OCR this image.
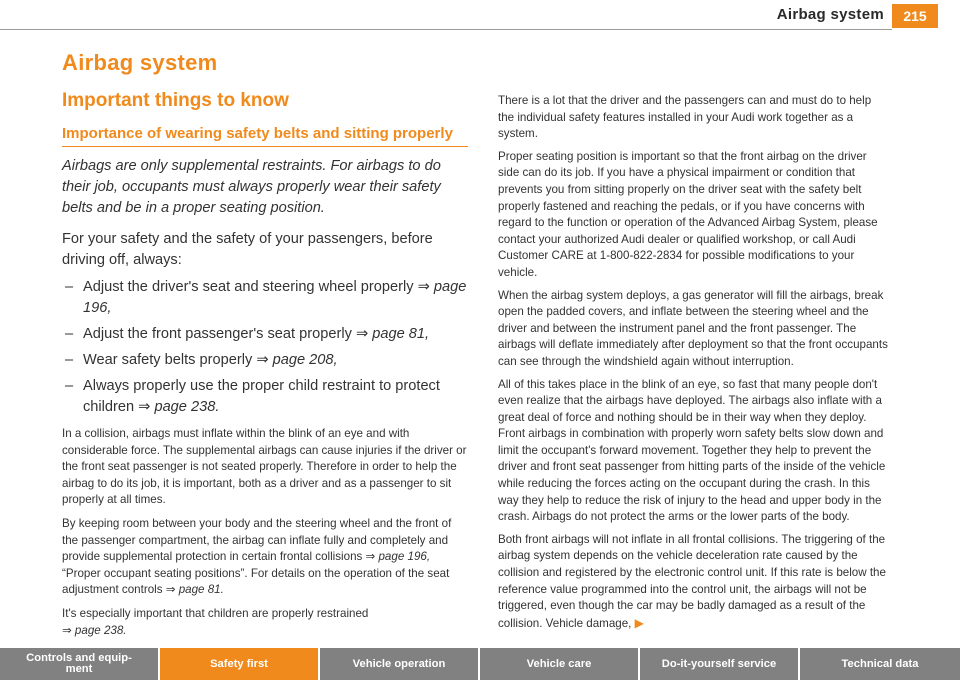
Airbag system	215
Airbag system
Important things to know
Importance of wearing safety belts and sitting properly

Airbags are only supplemental restraints. For airbags to do their job, occupants must always properly wear their safety belts and be in a proper seating position.

For your safety and the safety of your passengers, before driving off, always:

– Adjust the driver's seat and steering wheel properly ⇒ page 196,
– Adjust the front passenger's seat properly ⇒ page 81,
– Wear safety belts properly ⇒ page 208,
– Always properly use the proper child restraint to protect children ⇒ page 238.

In a collision, airbags must inflate within the blink of an eye and with considerable force. The supplemental airbags can cause injuries if the driver or the front seat passenger is not seated properly. Therefore in order to help the airbag to do its job, it is important, both as a driver and as a passenger to sit properly at all times.

By keeping room between your body and the steering wheel and the front of the passenger compartment, the airbag can inflate fully and completely and provide supplemental protection in certain frontal collisions ⇒ page 196, “Proper occupant seating positions”. For details on the operation of the seat adjustment controls ⇒ page 81.

It's especially important that children are properly restrained
⇒ page 238.

There is a lot that the driver and the passengers can and must do to help the individual safety features installed in your Audi work together as a system.

Proper seating position is important so that the front airbag on the driver side can do its job. If you have a physical impairment or condition that prevents you from sitting properly on the driver seat with the safety belt properly fastened and reaching the pedals, or if you have concerns with regard to the function or operation of the Advanced Airbag System, please contact your authorized Audi dealer or qualified workshop, or call Audi Customer CARE at 1-800-822-2834 for possible modifications to your vehicle.

When the airbag system deploys, a gas generator will fill the airbags, break open the padded covers, and inflate between the steering wheel and the driver and between the instrument panel and the front passenger. The airbags will deflate immediately after deployment so that the front occupants can see through the windshield again without interruption.

All of this takes place in the blink of an eye, so fast that many people don't even realize that the airbags have deployed. The airbags also inflate with a great deal of force and nothing should be in their way when they deploy. Front airbags in combination with properly worn safety belts slow down and limit the occupant's forward movement. Together they help to prevent the driver and front seat passenger from hitting parts of the inside of the vehicle while reducing the forces acting on the occupant during the crash. In this way they help to reduce the risk of injury to the head and upper body in the crash. Airbags do not protect the arms or the lower parts of the body.

Both front airbags will not inflate in all frontal collisions. The triggering of the airbag system depends on the vehicle deceleration rate caused by the collision and registered by the electronic control unit. If this rate is below the reference value programmed into the control unit, the airbags will not be triggered, even though the car may be badly damaged as a result of the collision. Vehicle damage, ▶

Controls and equip-
ment	Safety first	Vehicle operation	Vehicle care	Do-it-yourself service	Technical data
